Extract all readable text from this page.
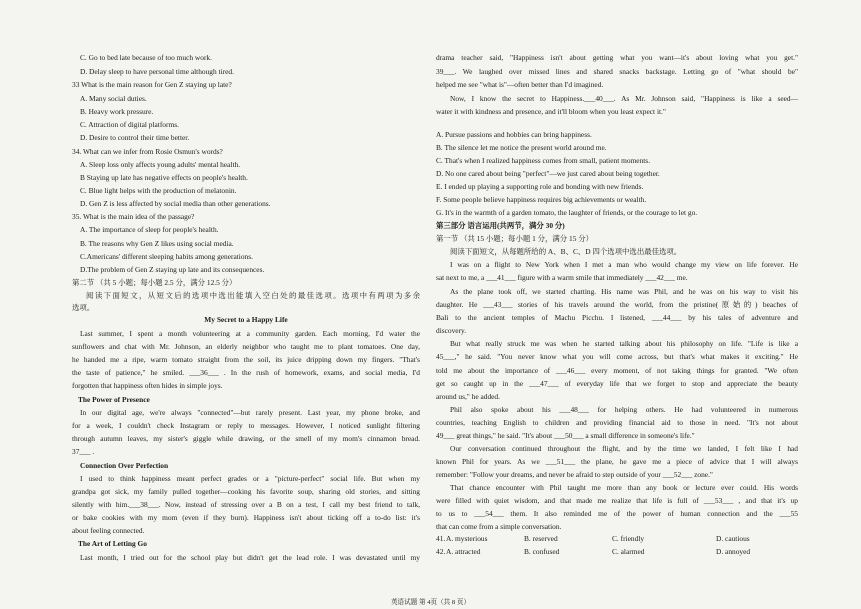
C. Go to bed late because of too much work.
D. Delay sleep to have personal time although tired.
33 What is the main reason for Gen Z staying up late?
A. Many social duties.
B. Heavy work pressure.
C. Attraction of digital platforms.
D. Desire to control their time better.
34. What can we infer from Rosie Osmun's words?
A. Sleep loss only affects young adults' mental health.
B Staying up late has negative effects on people's health.
C. Blue light helps with the production of melatonin.
D. Gen Z is less affected by social media than other generations.
35. What is the main idea of the passage?
A. The importance of sleep for people's health.
B. The reasons why Gen Z likes using social media.
C.Americans' different sleeping habits among generations.
D.The problem of Gen Z staying up late and its consequences.
第二节 （共 5 小题；每小题 2.5 分，满分 12.5 分）
阅读下面短文，从短文后的选项中选出能填入空白处的最佳选项。选项中有两项为多余
选项。
My Secret to a Happy Life
Last summer, I spent a month volunteering at a community garden. Each morning, I'd water the
sunflowers and chat with Mr. Johnson, an elderly neighbor who taught me to plant tomatoes. One day,
he handed me a ripe, warm tomato straight from the soil, its juice dripping down my fingers. "That's
the taste of patience," he smiled. ___36___ . In the rush of homework, exams, and social media, I'd
forgotten that happiness often hides in simple joys.
The Power of Presence
In our digital age, we're always "connected"—but rarely present. Last year, my phone broke, and
for a week, I couldn't check Instagram or reply to messages. However, I noticed sunlight filtering
through autumn leaves, my sister's giggle while drawing, or the smell of my mom's cinnamon bread.
37___ .
Connection Over Perfection
I used to think happiness meant perfect grades or a "picture-perfect" social life. But when my
grandpa got sick, my family pulled together—cooking his favorite soup, sharing old stories, and sitting
silently with him.___38___. Now, instead of stressing over a B on a test, I call my best friend to talk,
or bake cookies with my mom (even if they burn). Happiness isn't about ticking off a to-do list: it's
about feeling connected.
The Art of Letting Go
Last month, I tried out for the school play but didn't get the lead role. I was devastated until my
drama teacher said, "Happiness isn't about getting what you want—it's about loving what you get."
39___. We laughed over missed lines and shared snacks backstage. Letting go of "what should be"
helped me see "what is"—often better than I'd imagined.
Now, I know the secret to Happiness.___40___. As Mr. Johnson said, "Happiness is like a seed—
water it with kindness and presence, and it'll bloom when you least expect it."
A. Pursue passions and hobbies can bring happiness.
B. The silence let me notice the present world around me.
C. That's when I realized happiness comes from small, patient moments.
D. No one cared about being "perfect"—we just cared about being together.
E. I ended up playing a supporting role and bonding with new friends.
F. Some people believe happiness requires big achievements or wealth.
G. It's in the warmth of a garden tomato, the laughter of friends, or the courage to let go.
第三部分 语言运用(共两节，满分 30 分)
第一节 （共 15 小题；每小题 1 分，满分 15 分）
阅读下面短文，从每题所给的 A、B、C、D 四个选项中选出最佳选项。
I was on a flight to New York when I met a man who would change my view on life forever. He
sat next to me, a ___41___ figure with a warm smile that immediately ___42___ me.
As the plane took off, we started chatting. His name was Phil, and he was on his way to visit his
daughter. He ___43___ stories of his travels around the world, from the pristine(原始的) beaches of
Bali to the ancient temples of Machu Picchu. I listened, ___44___ by his tales of adventure and
discovery.
But what really struck me was when he started talking about his philosophy on life. "Life is like a
45___," he said. "You never know what you will come across, but that's what makes it exciting." He
told me about the importance of ___46___ every moment, of not taking things for granted. "We often
get so caught up in the ___47___ of everyday life that we forget to stop and appreciate the beauty
around us," he added.
Phil also spoke about his ___48___ for helping others. He had volunteered in numerous
countries, teaching English to children and providing financial aid to those in need. "It's not about
49___ great things," he said. "It's about ___50___ a small difference in someone's life."
Our conversation continued throughout the flight, and by the time we landed, I felt like I had
known Phil for years. As we ___51___ the plane, he gave me a piece of advice that I will always
remember: "Follow your dreams, and never be afraid to step outside of your ___52___ zone."
That chance encounter with Phil taught me more than any book or lecture ever could. His words
were filled with quiet wisdom, and that made me realize that life is full of ___53___ , and that it's up
to us to ___54___ them. It also reminded me of the power of human connection and the ___55
that can come from a simple conversation.
41. A. mysterious	B. reserved	C. friendly	D. cautious
42. A. attracted	B. confused	C. alarmed	D. annoyed
英语试题 第 4页（共 8 页）
